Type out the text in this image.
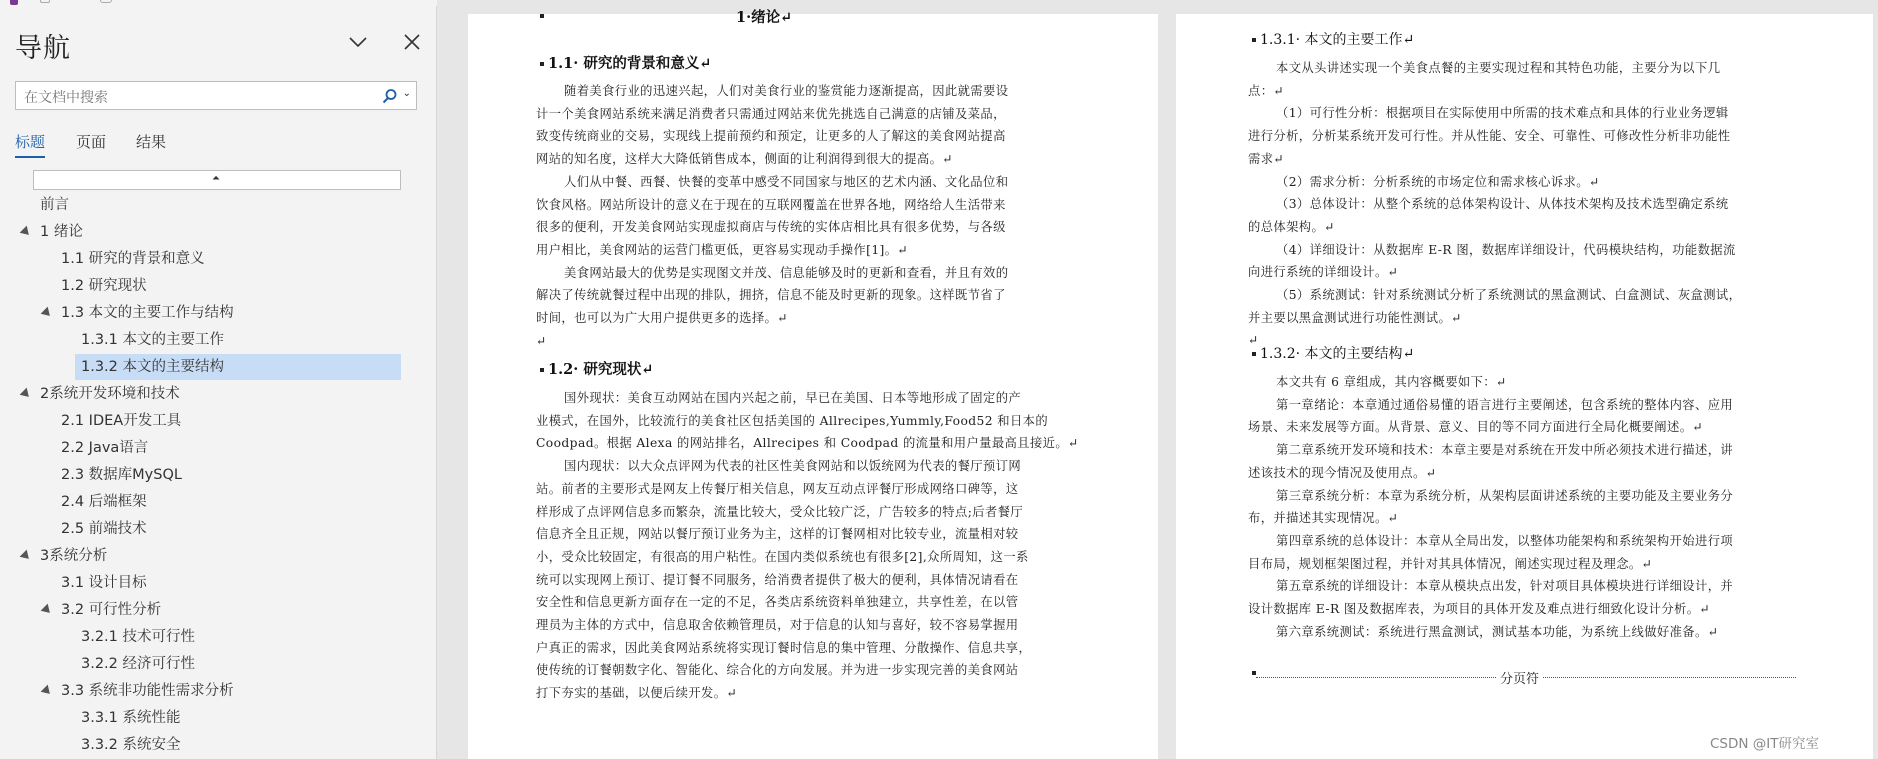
导航
在文档中搜索	⌄
标题 页面 结果
⏶
前言
1 绪论
1.1 研究的背景和意义
1.2 研究现状
1.3 本文的主要工作与结构
1.3.1 本文的主要工作
1.3.2 本文的主要结构
2系统开发环境和技术
2.1 IDEA开发工具
2.2 Java语言
2.3 数据库MySQL
2.4 后端框架
2.5 前端技术
3系统分析
3.1 设计目标
3.2 可行性分析
3.2.1 技术可行性
3.2.2 经济可行性
3.3 系统非功能性需求分析
3.3.1 系统性能
3.3.2 系统安全
1·绪论↵
1.1· 研究的背景和意义↵
随着美食行业的迅速兴起，人们对美食行业的鉴赏能力逐渐提高，因此就需要设
计一个美食网站系统来满足消费者只需通过网站来优先挑选自己满意的店铺及菜品，
致变传统商业的交易，实现线上提前预约和预定，让更多的人了解这的美食网站提高
网站的知名度，这样大大降低销售成本，侧面的让利润得到很大的提高。↵
人们从中餐、西餐、快餐的变革中感受不同国家与地区的艺术内涵、文化品位和
饮食风格。网站所设计的意义在于现在的互联网覆盖在世界各地，网络给人生活带来
很多的便利，开发美食网站实现虚拟商店与传统的实体店相比具有很多优势，与各级
用户相比，美食网站的运营门槛更低，更容易实现动手操作[1]。↵
美食网站最大的优势是实现图文并茂、信息能够及时的更新和查看，并且有效的
解决了传统就餐过程中出现的排队，拥挤，信息不能及时更新的现象。这样既节省了
时间，也可以为广大用户提供更多的选择。↵
↵
1.2· 研究现状↵
国外现状：美食互动网站在国内兴起之前，早已在美国、日本等地形成了固定的产
业模式，在国外，比较流行的美食社区包括美国的 Allrecipes,Yummly,Food52 和日本的
Coodpad。根据 Alexa 的网站排名，Allrecipes 和 Coodpad 的流量和用户量最高且接近。↵
国内现状：以大众点评网为代表的社区性美食网站和以饭统网为代表的餐厅预订网
站。前者的主要形式是网友上传餐厅相关信息，网友互动点评餐厅形成网络口碑等，这
样形成了点评网信息多而繁杂，流量比较大，受众比较广泛，广告较多的特点;后者餐厅
信息齐全且正规，网站以餐厅预订业务为主，这样的订餐网相对比较专业，流量相对较
小，受众比较固定，有很高的用户粘性。在国内类似系统也有很多[2],众所周知，这一系
统可以实现网上预订、提订餐不同服务，给消费者提供了极大的便利，具体情况请看在
安全性和信息更新方面存在一定的不足，各类店系统资料单独建立，共享性差，在以管
理员为主体的方式中，信息取舍依赖管理员，对于信息的认知与喜好，较不容易掌握用
户真正的需求，因此美食网站系统将实现订餐时信息的集中管理、分散操作、信息共享，
使传统的订餐朝数字化、智能化、综合化的方向发展。并为进一步实现完善的美食网站
打下夯实的基础，以便后续开发。↵
1.3.1· 本文的主要工作↵
本文从头讲述实现一个美食点餐的主要实现过程和其特色功能，主要分为以下几
点：↵
（1）可行性分析：根据项目在实际使用中所需的技术难点和具体的行业业务逻辑
进行分析，分析某系统开发可行性。并从性能、安全、可靠性、可修改性分析非功能性
需求↵
（2）需求分析：分析系统的市场定位和需求核心诉求。↵
（3）总体设计：从整个系统的总体架构设计、从体技术架构及技术选型确定系统
的总体架构。↵
（4）详细设计：从数据库 E-R 图，数据库详细设计，代码模块结构，功能数据流
向进行系统的详细设计。↵
（5）系统测试：针对系统测试分析了系统测试的黑盒测试、白盒测试、灰盒测试，
并主要以黑盒测试进行功能性测试。↵
↵
1.3.2· 本文的主要结构↵
本文共有 6 章组成，其内容概要如下：↵
第一章绪论：本章通过通俗易懂的语言进行主要阐述，包含系统的整体内容、应用
场景、未来发展等方面。从背景、意义、目的等不同方面进行全局化概要阐述。↵
第二章系统开发环境和技术：本章主要是对系统在开发中所必须技术进行描述，讲
述该技术的现今情况及使用点。↵
第三章系统分析：本章为系统分析，从架构层面讲述系统的主要功能及主要业务分
布，并描述其实现情况。↵
第四章系统的总体设计：本章从全局出发，以整体功能架构和系统架构开始进行项
目布局，规划框架图过程，并针对其具体情况，阐述实现过程及理念。↵
第五章系统的详细设计：本章从模块点出发，针对项目具体模块进行详细设计，并
设计数据库 E-R 图及数据库表，为项目的具体开发及难点进行细致化设计分析。↵
第六章系统测试：系统进行黑盒测试，测试基本功能，为系统上线做好准备。↵
分页符
CSDN @IT研究室
